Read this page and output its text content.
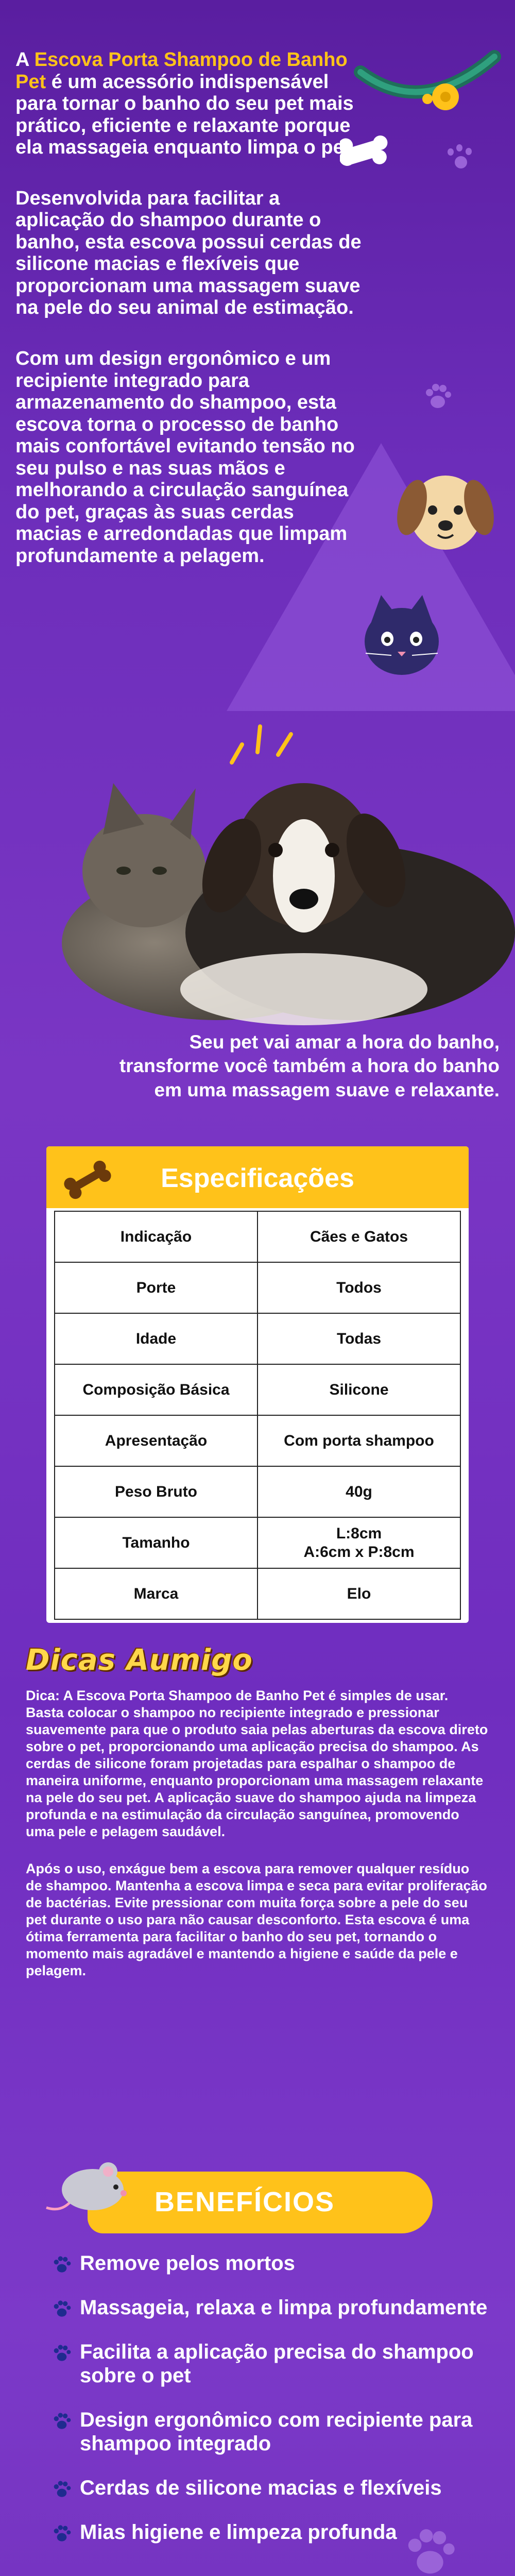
A Escova Porta Shampoo de Banho Pet é um acessório indispensável para tornar o banho do seu pet mais prático, eficiente e relaxante porque ela massageia enquanto limpa o pet.

Desenvolvida para facilitar a aplicação do shampoo durante o banho, esta escova possui cerdas de silicone macias e flexíveis que proporcionam uma massagem suave na pele do seu animal de estimação.

Com um design ergonômico e um recipiente integrado para armazenamento do shampoo, esta escova torna o processo de banho mais confortável evitando tensão no seu pulso e nas suas mãos e melhorando a circulação sanguínea do pet, graças às suas cerdas macias e arredondadas que limpam profundamente a pelagem.

Seu pet vai amar a hora do banho, transforme você também a hora do banho em uma massagem suave e relaxante.
Especificações
Indicação	Cães e Gatos
Porte	Todos
Idade	Todas
Composição Básica	Silicone
Apresentação	Com porta shampoo
Peso Bruto	40g
Tamanho	L:8cm
A:6cm x P:8cm
Marca	Elo
Dicas Aumigo

Dica: A Escova Porta Shampoo de Banho Pet é simples de usar. Basta colocar o shampoo no recipiente integrado e pressionar suavemente para que o produto saia pelas aberturas da escova direto sobre o pet, proporcionando uma aplicação precisa do shampoo. As cerdas de silicone foram projetadas para espalhar o shampoo de maneira uniforme, enquanto proporcionam uma massagem relaxante na pele do seu pet. A aplicação suave do shampoo ajuda na limpeza profunda e na estimulação da circulação sanguínea, promovendo uma pele e pelagem saudável.

Após o uso, enxágue bem a escova para remover qualquer resíduo de shampoo. Mantenha a escova limpa e seca para evitar proliferação de bactérias. Evite pressionar com muita força sobre a pele do seu pet durante o uso para não causar desconforto. Esta escova é uma ótima ferramenta para facilitar o banho do seu pet, tornando o momento mais agradável e mantendo a higiene e saúde da pele e pelagem.

BENEFÍCIOS
Remove pelos mortos
Massageia, relaxa e limpa profundamente
Facilita a aplicação precisa do shampoo sobre o pet
Design ergonômico com recipiente para shampoo integrado
Cerdas de silicone macias e flexíveis
Mias higiene e limpeza profunda
